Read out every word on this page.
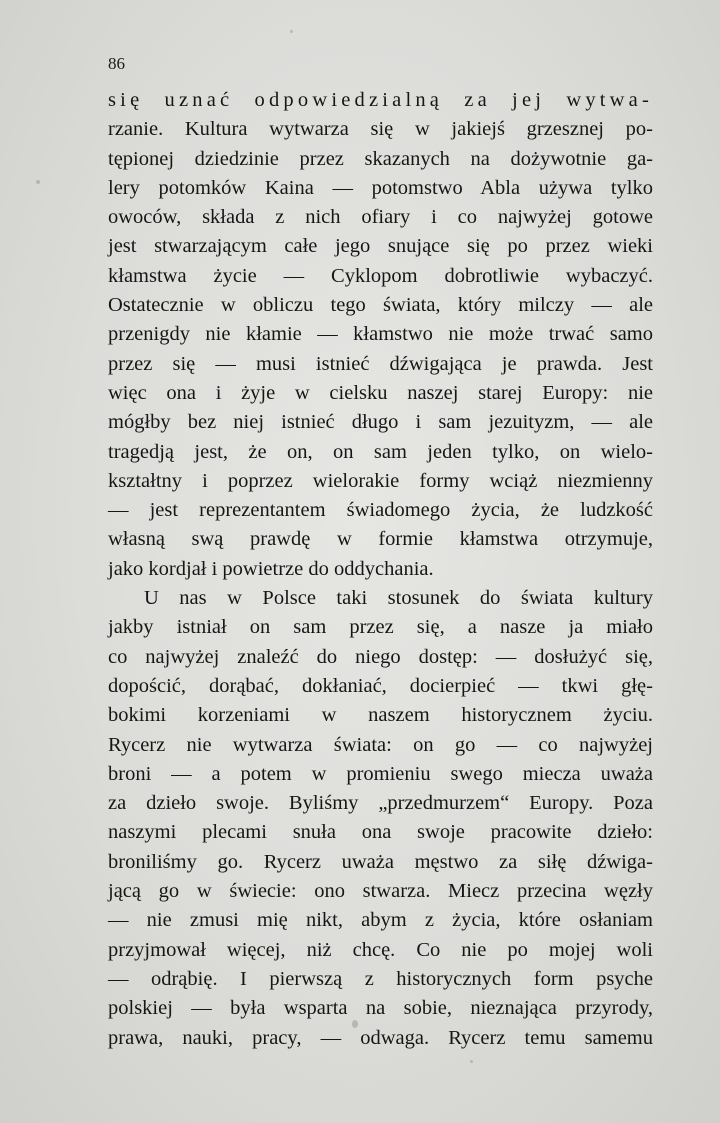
86
się uznać odpowiedzialną za jej wytwa-
rzanie. Kultura wytwarza się w jakiejś grzesznej po-
tępionej dziedzinie przez skazanych na dożywotnie ga-
lery potomków Kaina — potomstwo Abla używa tylko
owoców, składa z nich ofiary i co najwyżej gotowe
jest stwarzającym całe jego snujące się po przez wieki
kłamstwa życie — Cyklopom dobrotliwie wybaczyć.
Ostatecznie w obliczu tego świata, który milczy — ale
przenigdy nie kłamie — kłamstwo nie może trwać samo
przez się — musi istnieć dźwigająca je prawda. Jest
więc ona i żyje w cielsku naszej starej Europy: nie
mógłby bez niej istnieć długo i sam jezuityzm, — ale
tragedją jest, że on, on sam jeden tylko, on wielo-
kształtny i poprzez wielorakie formy wciąż niezmienny
— jest reprezentantem świadomego życia, że ludzkość
własną swą prawdę w formie kłamstwa otrzymuje,
jako kordjał i powietrze do oddychania.
U nas w Polsce taki stosunek do świata kultury
jakby istniał on sam przez się, a nasze ja miało
co najwyżej znaleźć do niego dostęp: — dosłużyć się,
dopościć, dorąbać, dokłaniać, docierpieć — tkwi głę-
bokimi korzeniami w naszem historycznem życiu.
Rycerz nie wytwarza świata: on go — co najwyżej
broni — a potem w promieniu swego miecza uważa
za dzieło swoje. Byliśmy „przedmurzem“ Europy. Poza
naszymi plecami snuła ona swoje pracowite dzieło:
broniliśmy go. Rycerz uważa męstwo za siłę dźwiga-
jącą go w świecie: ono stwarza. Miecz przecina węzły
— nie zmusi mię nikt, abym z życia, które osłaniam
przyjmował więcej, niż chcę. Co nie po mojej woli
— odrąbię. I pierwszą z historycznych form psyche
polskiej — była wsparta na sobie, nieznająca przyrody,
prawa, nauki, pracy, — odwaga. Rycerz temu samemu
